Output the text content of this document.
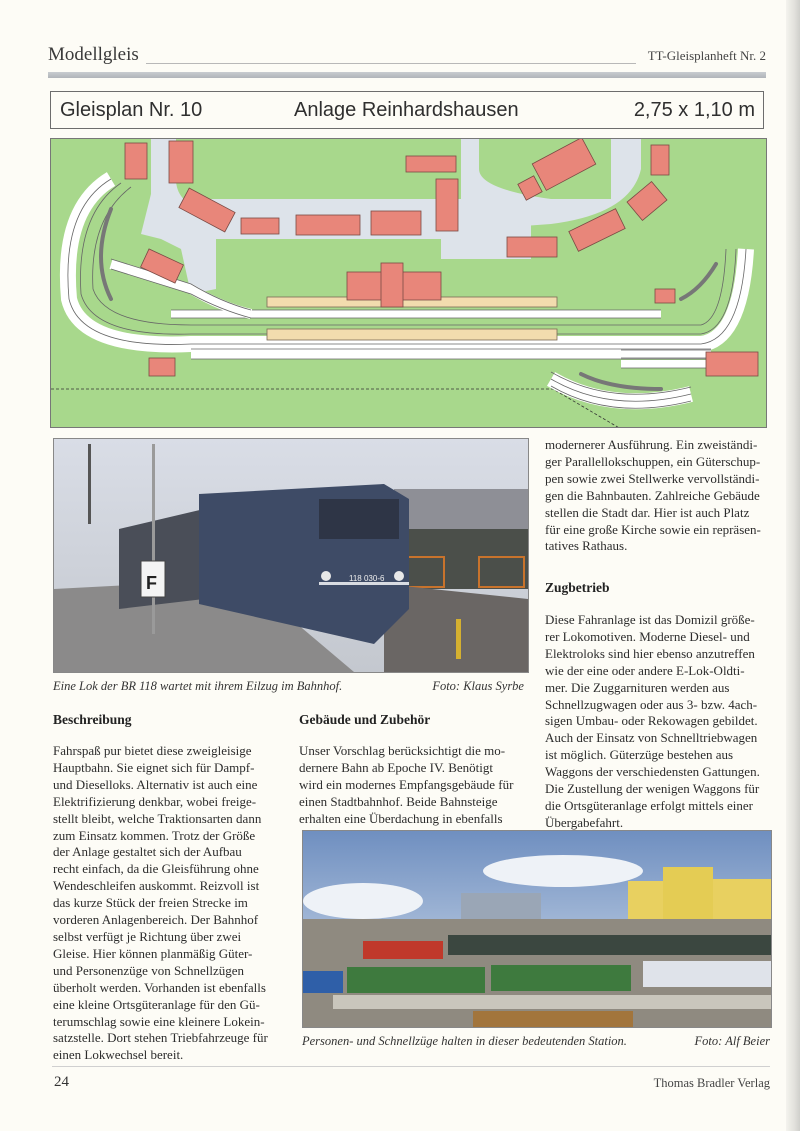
Modellgleis	TT-Gleisplanheft Nr. 2
Gleisplan Nr. 10	Anlage Reinhardshausen	2,75 x 1,10 m
F	118 030-6
Eine Lok der BR 118 wartet mit ihrem Eilzug im Bahnhof.	Foto: Klaus Syrbe
Beschreibung
Fahrspaß pur bietet diese zweigleisige
Hauptbahn. Sie eignet sich für Dampf-
und Dieselloks. Alternativ ist auch eine
Elektrifizierung denkbar, wobei freige-
stellt bleibt, welche Traktionsarten dann
zum Einsatz kommen. Trotz der Größe
der Anlage gestaltet sich der Aufbau
recht einfach, da die Gleisführung ohne
Wendeschleifen auskommt. Reizvoll ist
das kurze Stück der freien Strecke im
vorderen Anlagenbereich. Der Bahnhof
selbst verfügt je Richtung über zwei
Gleise. Hier können planmäßig Güter-
und Personenzüge von Schnellzügen
überholt werden. Vorhanden ist ebenfalls
eine kleine Ortsgüteranlage für den Gü-
terumschlag sowie eine kleinere Lokein-
satzstelle. Dort stehen Triebfahrzeuge für
einen Lokwechsel bereit.
Gebäude und Zubehör
Unser Vorschlag berücksichtigt die mo-
dernere Bahn ab Epoche IV. Benötigt
wird ein modernes Empfangsgebäude für
einen Stadtbahnhof. Beide Bahnsteige
erhalten eine Überdachung in ebenfalls
modernerer Ausführung. Ein zweiständi-
ger Parallellokschuppen, ein Güterschup-
pen sowie zwei Stellwerke vervollständi-
gen die Bahnbauten. Zahlreiche Gebäude
stellen die Stadt dar. Hier ist auch Platz
für eine große Kirche sowie ein repräsen-
tatives Rathaus.
Zugbetrieb
Diese Fahranlage ist das Domizil größe-
rer Lokomotiven. Moderne Diesel- und
Elektroloks sind hier ebenso anzutreffen
wie der eine oder andere E-Lok-Oldti-
mer. Die Zuggarnituren werden aus
Schnellzugwagen oder aus 3- bzw. 4ach-
sigen Umbau- oder Rekowagen gebildet.
Auch der Einsatz von Schnelltriebwagen
ist möglich. Güterzüge bestehen aus
Waggons der verschiedensten Gattungen.
Die Zustellung der wenigen Waggons für
die Ortsgüteranlage erfolgt mittels einer
Übergabefahrt.
Personen- und Schnellzüge halten in dieser bedeutenden Station.	Foto: Alf Beier
24	Thomas Bradler Verlag
